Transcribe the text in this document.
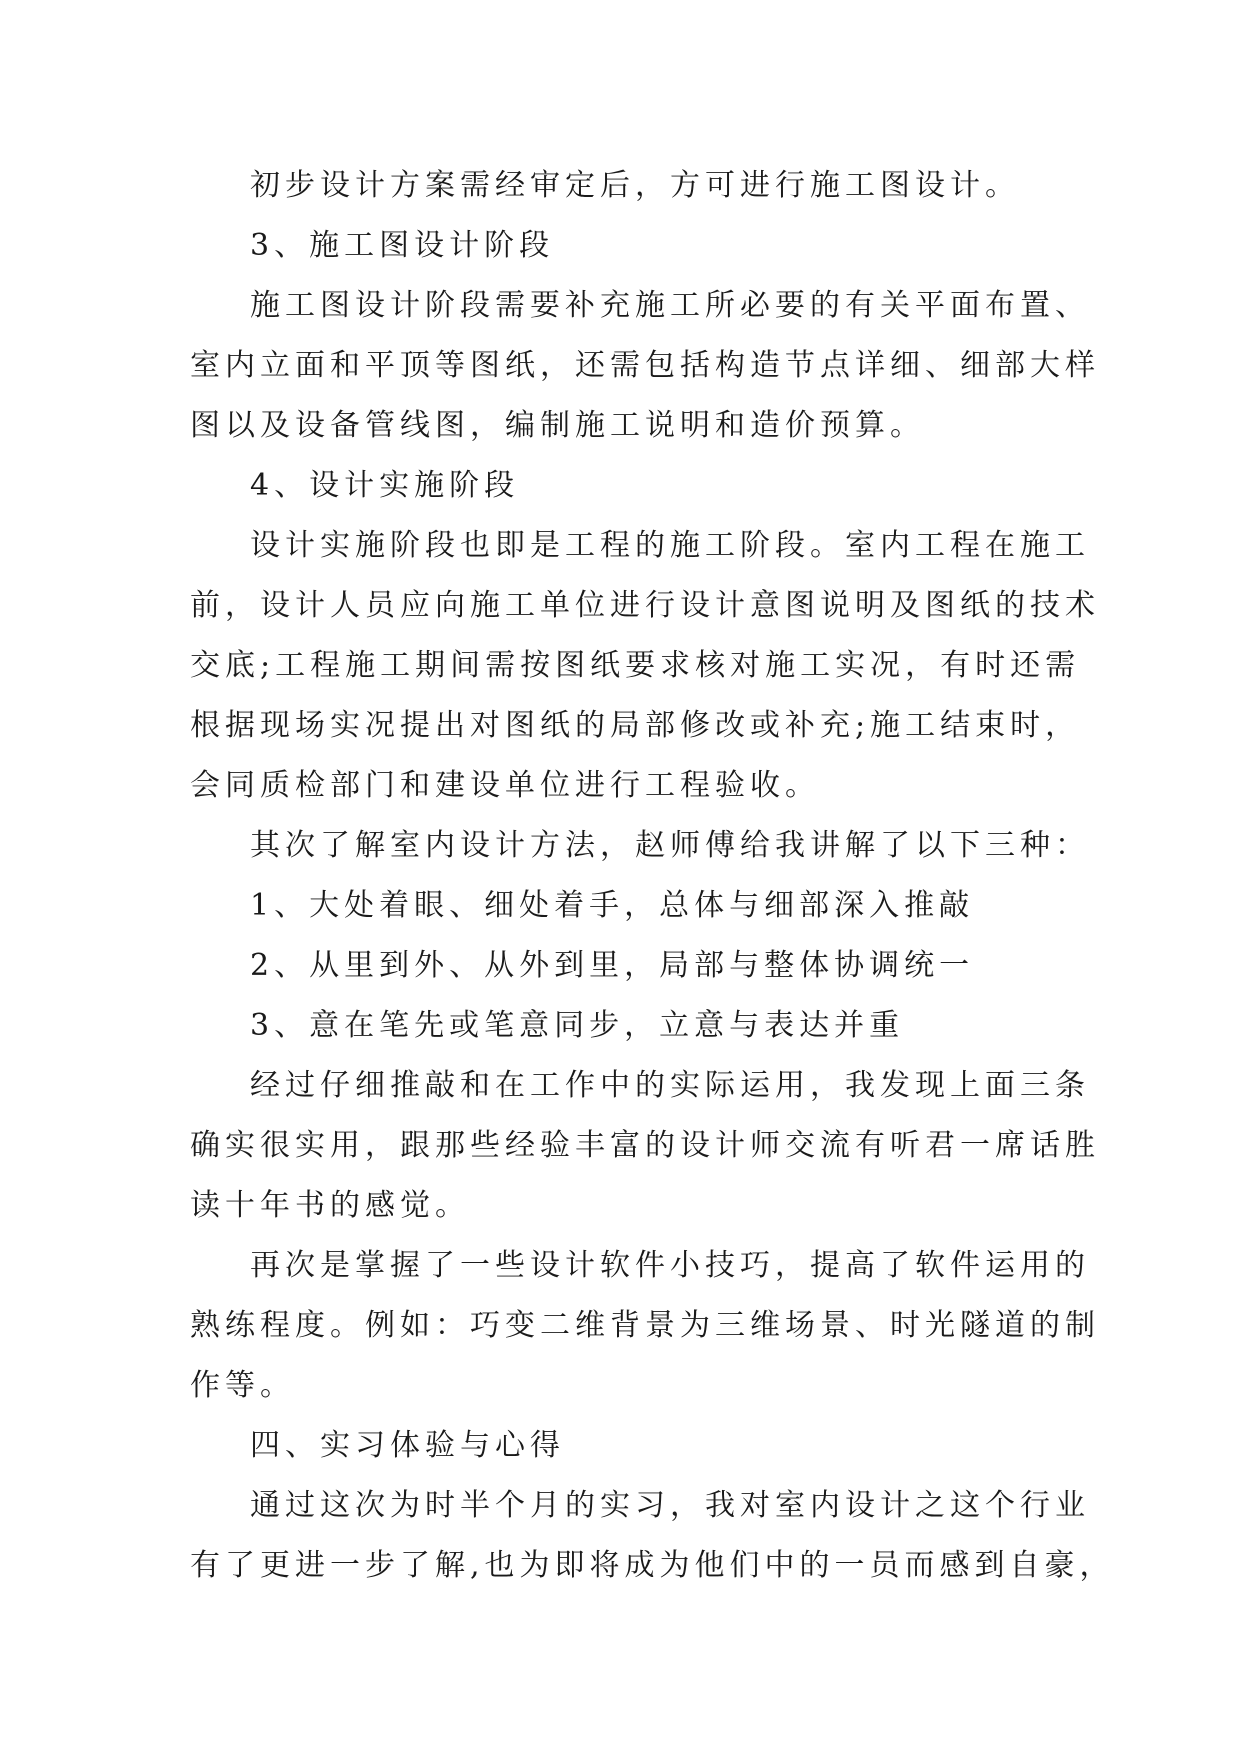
初步设计方案需经审定后，方可进行施工图设计。
3、施工图设计阶段
施工图设计阶段需要补充施工所必要的有关平面布置、
室内立面和平顶等图纸，还需包括构造节点详细、细部大样
图以及设备管线图，编制施工说明和造价预算。
4、设计实施阶段
设计实施阶段也即是工程的施工阶段。室内工程在施工
前，设计人员应向施工单位进行设计意图说明及图纸的技术
交底;工程施工期间需按图纸要求核对施工实况，有时还需
根据现场实况提出对图纸的局部修改或补充;施工结束时，
会同质检部门和建设单位进行工程验收。
其次了解室内设计方法，赵师傅给我讲解了以下三种：
1、大处着眼、细处着手，总体与细部深入推敲
2、从里到外、从外到里，局部与整体协调统一
3、意在笔先或笔意同步，立意与表达并重
经过仔细推敲和在工作中的实际运用，我发现上面三条
确实很实用，跟那些经验丰富的设计师交流有听君一席话胜
读十年书的感觉。
再次是掌握了一些设计软件小技巧，提高了软件运用的
熟练程度。例如：巧变二维背景为三维场景、时光隧道的制
作等。
四、实习体验与心得
通过这次为时半个月的实习，我对室内设计之这个行业
有了更进一步了解,也为即将成为他们中的一员而感到自豪，
